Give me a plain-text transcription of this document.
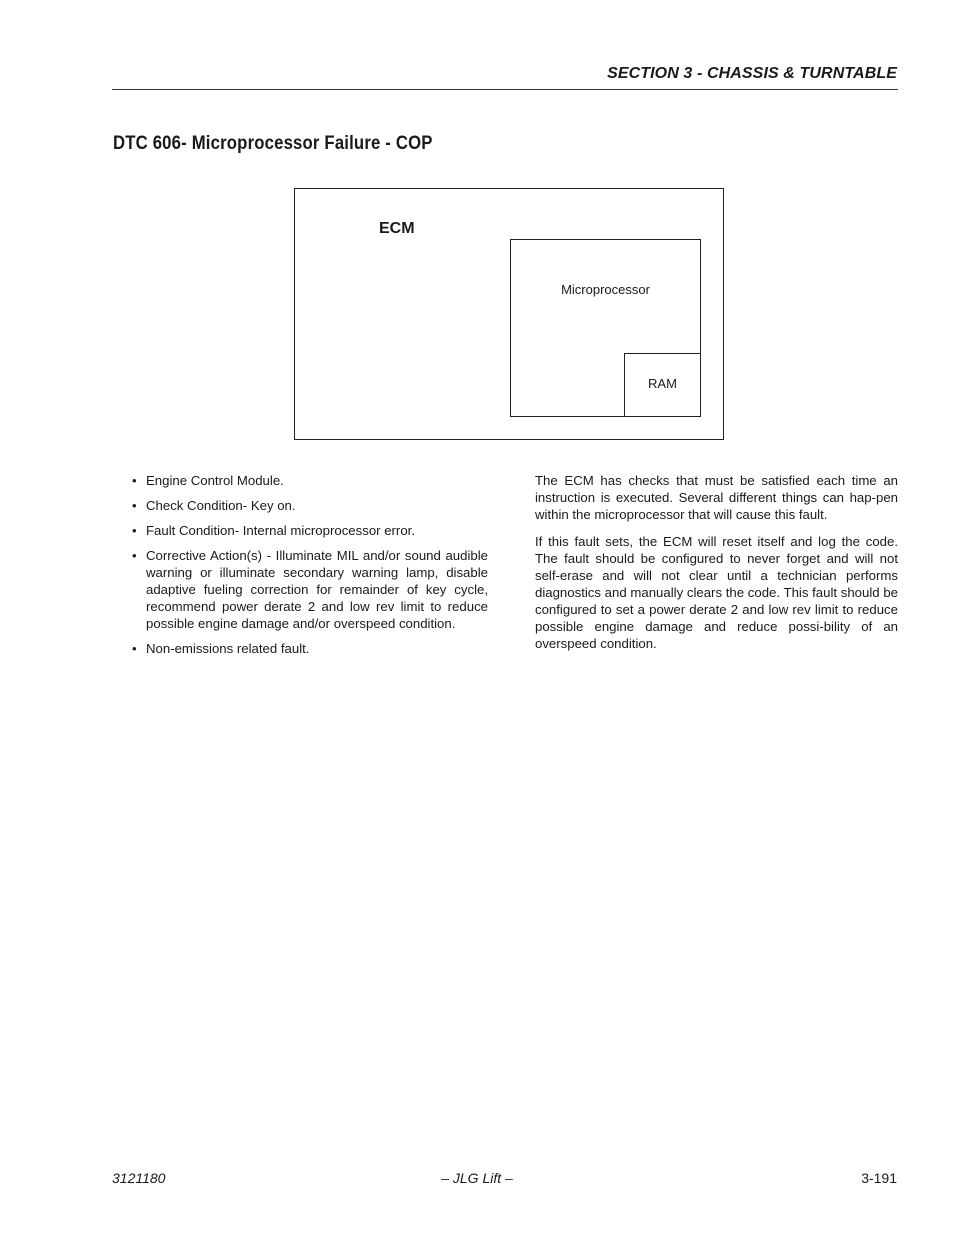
SECTION 3 - CHASSIS & TURNTABLE
DTC 606- Microprocessor Failure - COP
ECM
Microprocessor
RAM
• Engine Control Module.
• Check Condition- Key on.
• Fault Condition- Internal microprocessor error.
• Corrective Action(s) - Illuminate MIL and/or sound audible warning or illuminate secondary warning lamp, disable adaptive fueling correction for remainder of key cycle, recommend power derate 2 and low rev limit to reduce possible engine damage and/or overspeed condition.
• Non-emissions related fault.

The ECM has checks that must be satisfied each time an instruction is executed. Several different things can hap-pen within the microprocessor that will cause this fault.

If this fault sets, the ECM will reset itself and log the code. The fault should be configured to never forget and will not self-erase and will not clear until a technician performs diagnostics and manually clears the code. This fault should be configured to set a power derate 2 and low rev limit to reduce possible engine damage and reduce possi-bility of an overspeed condition.

3121180	– JLG Lift –	3-191
